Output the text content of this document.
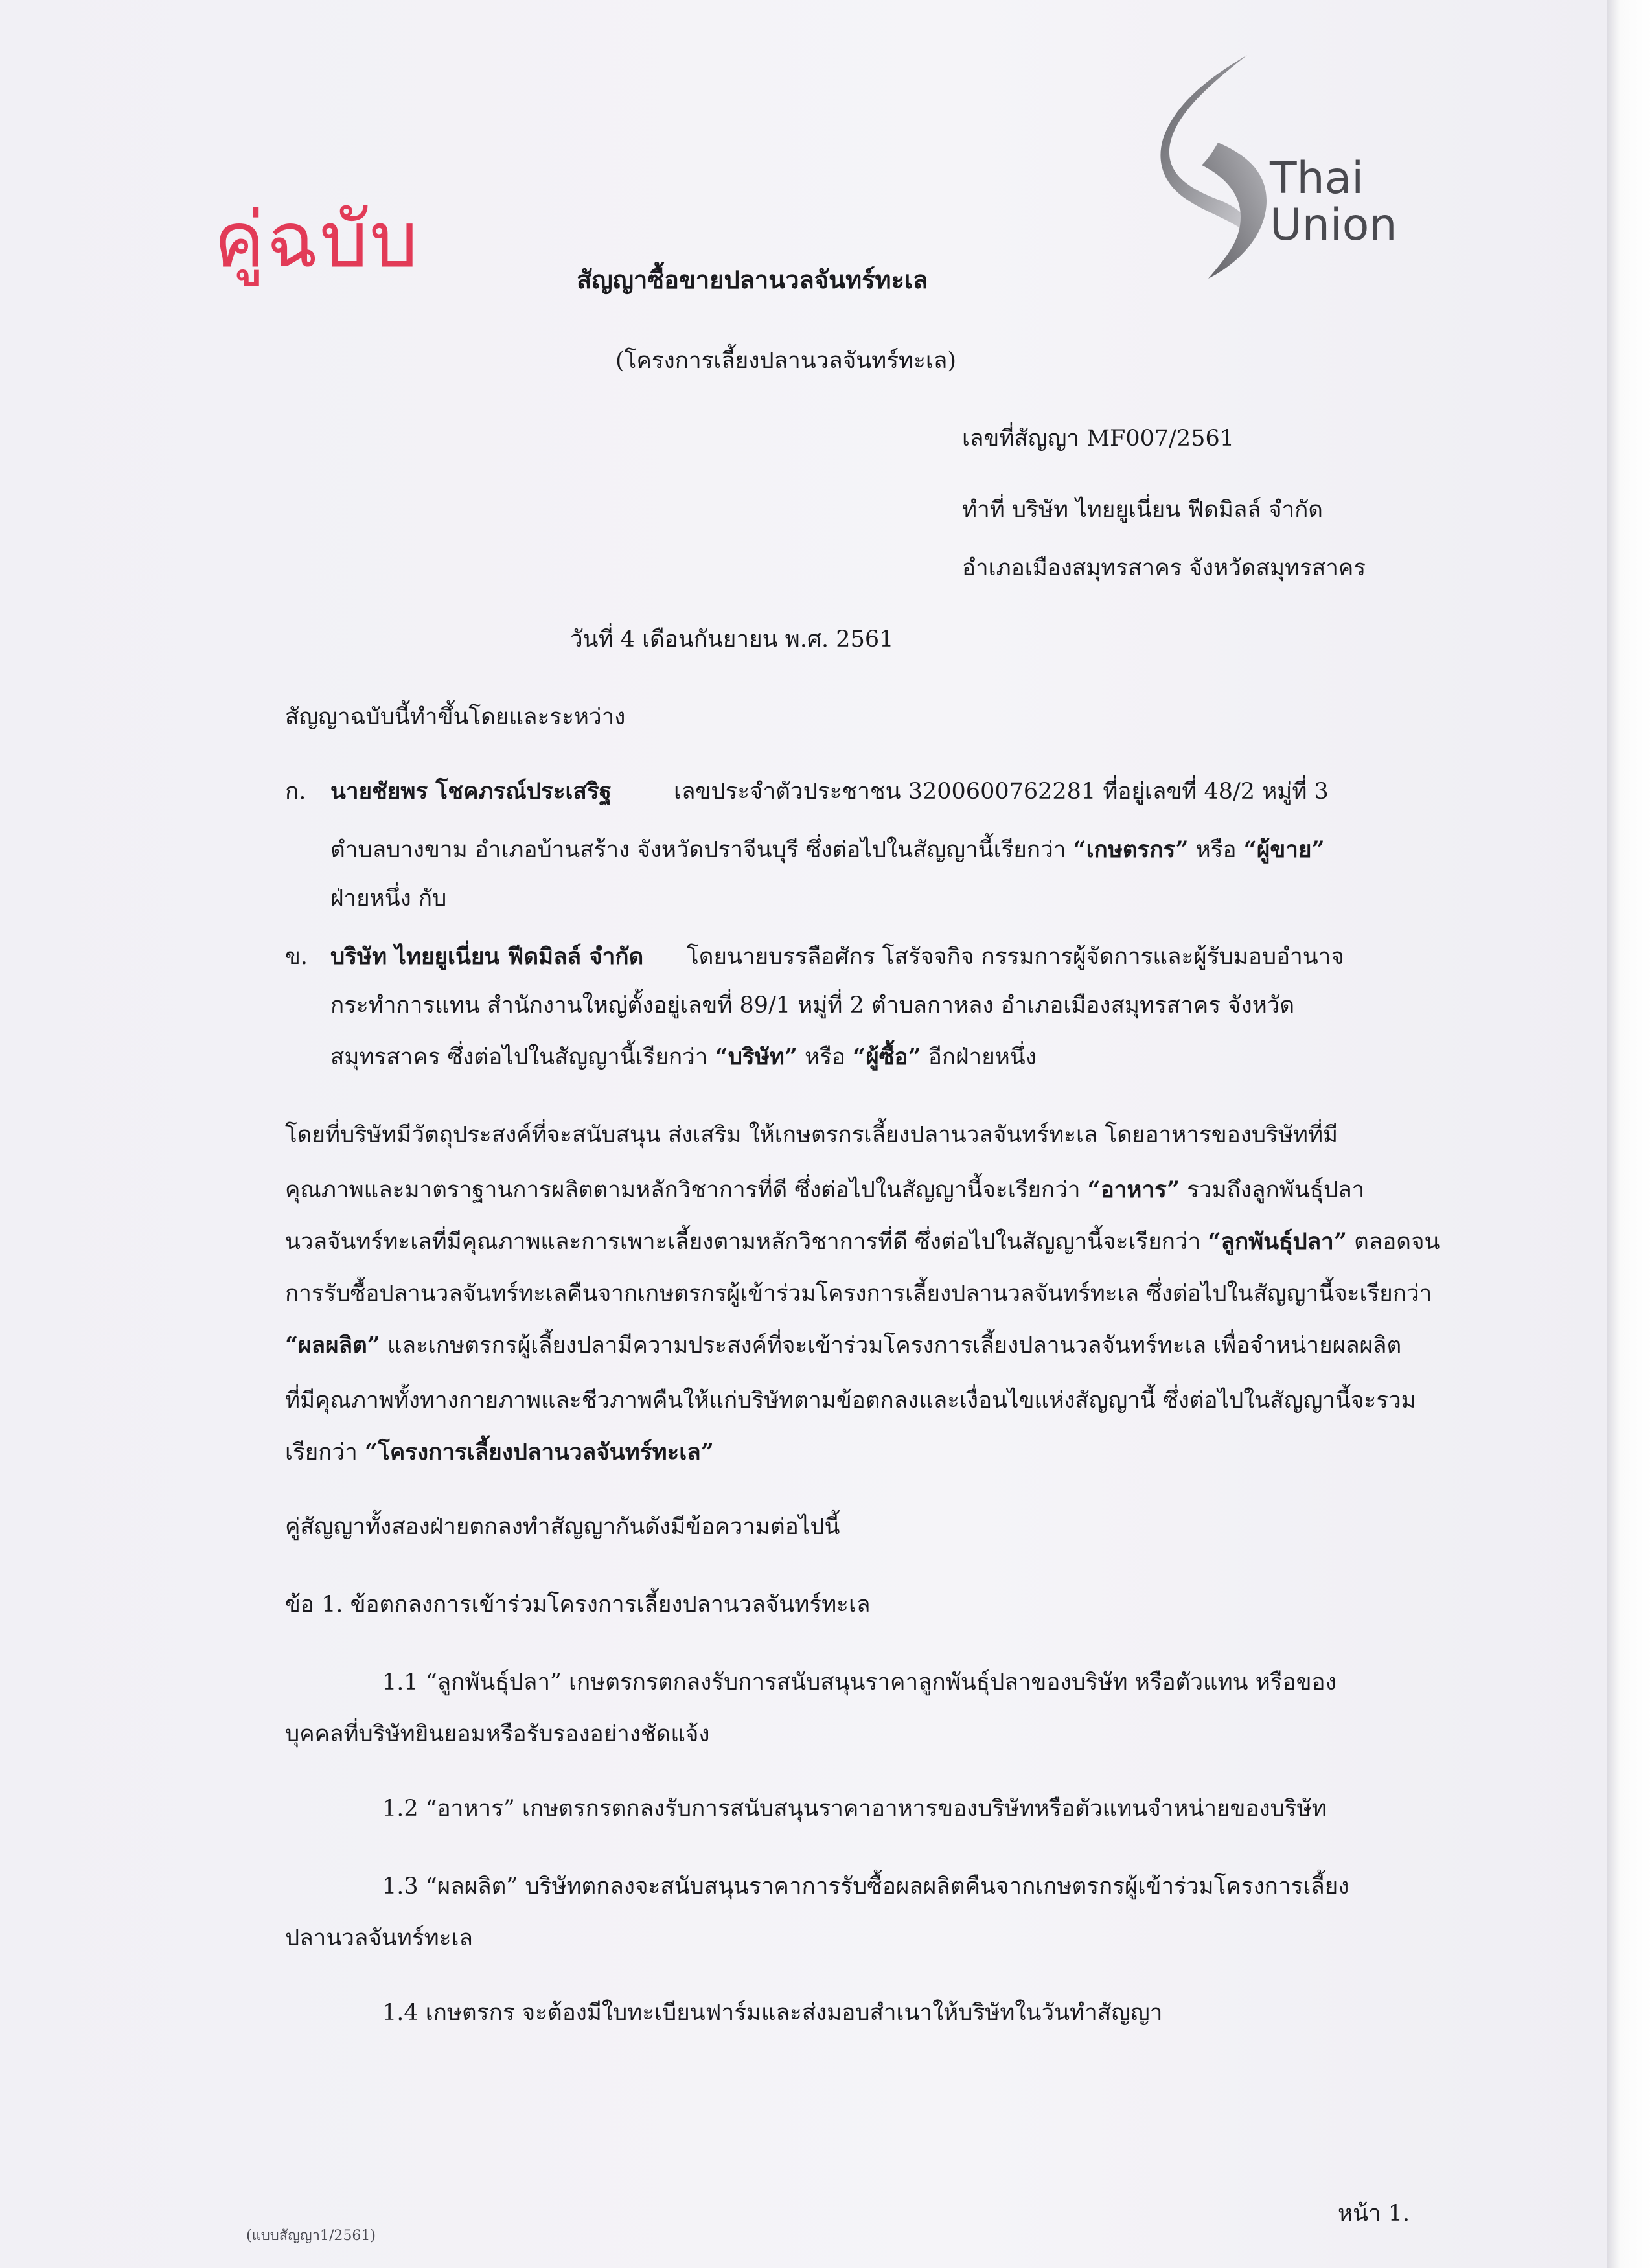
คู่ฉบับ
Thai
Union
สัญญาซื้อขายปลานวลจันทร์ทะเล
(โครงการเลี้ยงปลานวลจันทร์ทะเล)
เลขที่สัญญา MF007/2561
ทำที่ บริษัท ไทยยูเนี่ยน ฟีดมิลล์ จำกัด
อำเภอเมืองสมุทรสาคร จังหวัดสมุทรสาคร
วันที่ 4 เดือนกันยายน พ.ศ. 2561
สัญญาฉบับนี้ทำขึ้นโดยและระหว่าง
ก. นายชัยพร โชคภรณ์ประเสริฐ	เลขประจำตัวประชาชน 3200600762281 ที่อยู่เลขที่ 48/2 หมู่ที่ 3
ตำบลบางขาม อำเภอบ้านสร้าง จังหวัดปราจีนบุรี ซึ่งต่อไปในสัญญานี้เรียกว่า “เกษตรกร” หรือ “ผู้ขาย”
ฝ่ายหนึ่ง กับ
ข. บริษัท ไทยยูเนี่ยน ฟีดมิลล์ จำกัด โดยนายบรรลือศักร โสรัจจกิจ กรรมการผู้จัดการและผู้รับมอบอำนาจ
กระทำการแทน สำนักงานใหญ่ตั้งอยู่เลขที่ 89/1 หมู่ที่ 2 ตำบลกาหลง อำเภอเมืองสมุทรสาคร จังหวัด
สมุทรสาคร ซึ่งต่อไปในสัญญานี้เรียกว่า “บริษัท” หรือ “ผู้ซื้อ” อีกฝ่ายหนึ่ง
โดยที่บริษัทมีวัตถุประสงค์ที่จะสนับสนุน ส่งเสริม ให้เกษตรกรเลี้ยงปลานวลจันทร์ทะเล โดยอาหารของบริษัทที่มี
คุณภาพและมาตราฐานการผลิตตามหลักวิชาการที่ดี ซึ่งต่อไปในสัญญานี้จะเรียกว่า “อาหาร” รวมถึงลูกพันธุ์ปลา
นวลจันทร์ทะเลที่มีคุณภาพและการเพาะเลี้ยงตามหลักวิชาการที่ดี ซึ่งต่อไปในสัญญานี้จะเรียกว่า “ลูกพันธุ์ปลา” ตลอดจน
การรับซื้อปลานวลจันทร์ทะเลคืนจากเกษตรกรผู้เข้าร่วมโครงการเลี้ยงปลานวลจันทร์ทะเล ซึ่งต่อไปในสัญญานี้จะเรียกว่า
“ผลผลิต” และเกษตรกรผู้เลี้ยงปลามีความประสงค์ที่จะเข้าร่วมโครงการเลี้ยงปลานวลจันทร์ทะเล เพื่อจำหน่ายผลผลิต
ที่มีคุณภาพทั้งทางกายภาพและชีวภาพคืนให้แก่บริษัทตามข้อตกลงและเงื่อนไขแห่งสัญญานี้ ซึ่งต่อไปในสัญญานี้จะรวม
เรียกว่า “โครงการเลี้ยงปลานวลจันทร์ทะเล”
คู่สัญญาทั้งสองฝ่ายตกลงทำสัญญากันดังมีข้อความต่อไปนี้
ข้อ 1. ข้อตกลงการเข้าร่วมโครงการเลี้ยงปลานวลจันทร์ทะเล
1.1 “ลูกพันธุ์ปลา” เกษตรกรตกลงรับการสนับสนุนราคาลูกพันธุ์ปลาของบริษัท หรือตัวแทน หรือของ
บุคคลที่บริษัทยินยอมหรือรับรองอย่างชัดแจ้ง
1.2 “อาหาร” เกษตรกรตกลงรับการสนับสนุนราคาอาหารของบริษัทหรือตัวแทนจำหน่ายของบริษัท
1.3 “ผลผลิต” บริษัทตกลงจะสนับสนุนราคาการรับซื้อผลผลิตคืนจากเกษตรกรผู้เข้าร่วมโครงการเลี้ยง
ปลานวลจันทร์ทะเล
1.4 เกษตรกร จะต้องมีใบทะเบียนฟาร์มและส่งมอบสำเนาให้บริษัทในวันทำสัญญา
(แบบสัญญา1/2561)
หน้า 1.
